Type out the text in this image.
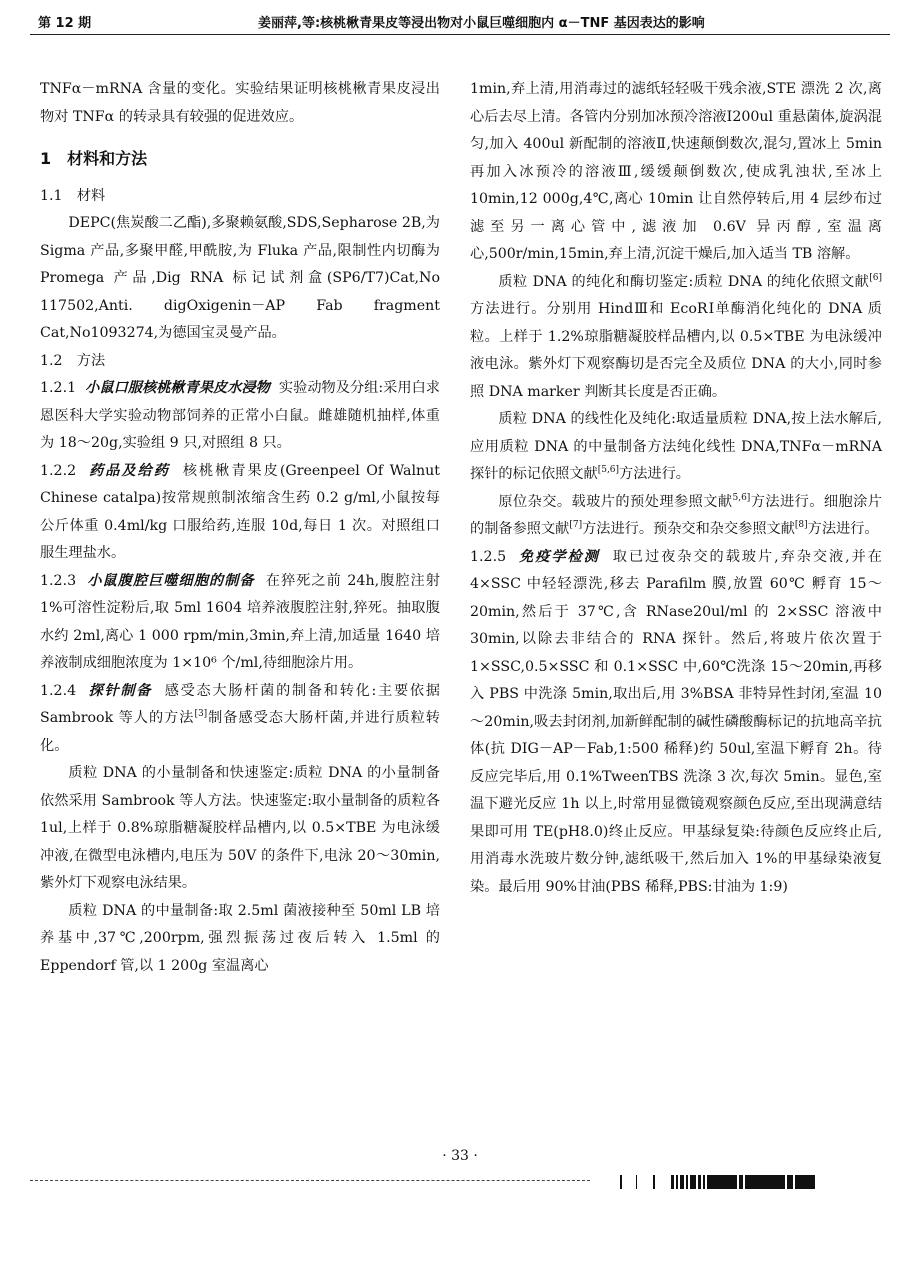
第 12 期	姜丽萍,等:核桃楸青果皮等浸出物对小鼠巨噬细胞内 α－TNF 基因表达的影响

TNFα－mRNA 含量的变化。实验结果证明核桃楸青果皮浸出物对 TNFα 的转录具有较强的促进效应。

1　材料和方法

1.1　材料

DEPC(焦炭酸二乙酯),多聚赖氨酸,SDS,Sepharose 2B,为 Sigma 产品,多聚甲醛,甲酰胺,为 Fluka 产品,限制性内切酶为 Promega 产品,Dig RNA 标记试剂盒(SP6/T7)Cat,No 117502,Anti. digOxigenin－AP Fab fragment Cat,No1093274,为德国宝灵曼产品。

1.2　方法

1.2.1 小鼠口服核桃楸青果皮水浸物 实验动物及分组:采用白求恩医科大学实验动物部饲养的正常小白鼠。雌雄随机抽样,体重为 18～20g,实验组 9 只,对照组 8 只。

1.2.2 药品及给药 核桃楸青果皮(Greenpeel Of Walnut Chinese catalpa)按常规煎制浓缩含生药 0.2 g/ml,小鼠按每公斤体重 0.4ml/kg 口服给药,连服 10d,每日 1 次。对照组口服生理盐水。

1.2.3 小鼠腹腔巨噬细胞的制备 在猝死之前 24h,腹腔注射 1%可溶性淀粉后,取 5ml 1604 培养液腹腔注射,猝死。抽取腹水约 2ml,离心 1 000 rpm/min,3min,弃上清,加适量 1640 培养液制成细胞浓度为 1×10⁶ 个/ml,待细胞涂片用。

1.2.4 探针制备 感受态大肠杆菌的制备和转化:主要依据 Sambrook 等人的方法[3]制备感受态大肠杆菌,并进行质粒转化。

质粒 DNA 的小量制备和快速鉴定:质粒 DNA 的小量制备依然采用 Sambrook 等人方法。快速鉴定:取小量制备的质粒各 1ul,上样于 0.8%琼脂糖凝胶样品槽内,以 0.5×TBE 为电泳缓冲液,在微型电泳槽内,电压为 50V 的条件下,电泳 20～30min,紫外灯下观察电泳结果。

质粒 DNA 的中量制备:取 2.5ml 菌液接种至 50ml LB 培养基中,37℃,200rpm,强烈振荡过夜后转入 1.5ml 的 Eppendorf 管,以 1 200g 室温离心

1min,弃上清,用消毒过的滤纸轻轻吸干残余液,STE 漂洗 2 次,离心后去尽上清。各管内分别加冰预冷溶液Ⅰ200ul 重悬菌体,旋涡混匀,加入 400ul 新配制的溶液Ⅱ,快速颠倒数次,混匀,置冰上 5min 再加入冰预冷的溶液Ⅲ,缓缓颠倒数次,使成乳浊状,至冰上 10min,12 000g,4℃,离心 10min 让自然停转后,用 4 层纱布过滤至另一离心管中,滤液加 0.6V 异丙醇,室温离心,500r/min,15min,弃上清,沉淀干燥后,加入适当 TB 溶解。

质粒 DNA 的纯化和酶切鉴定:质粒 DNA 的纯化依照文献[6]方法进行。分别用 HindⅢ和 EcoRⅠ单酶消化纯化的 DNA 质粒。上样于 1.2%琼脂糖凝胶样品槽内,以 0.5×TBE 为电泳缓冲液电泳。紫外灯下观察酶切是否完全及质位 DNA 的大小,同时参照 DNA marker 判断其长度是否正确。

质粒 DNA 的线性化及纯化:取适量质粒 DNA,按上法水解后,应用质粒 DNA 的中量制备方法纯化线性 DNA,TNFα－mRNA 探针的标记依照文献[5,6]方法进行。

原位杂交。载玻片的预处理参照文献$^{5,6]}$方法进行。细胞涂片的制备参照文献[7]方法进行。预杂交和杂交参照文献[8]方法进行。

1.2.5 免疫学检测 取已过夜杂交的载玻片,弃杂交液,并在 4×SSC 中轻轻漂洗,移去 Parafilm 膜,放置 60℃ 孵育 15～20min,然后于 37℃,含 RNase20ul/ml 的 2×SSC 溶液中 30min,以除去非结合的 RNA 探针。然后,将玻片依次置于 1×SSC,0.5×SSC 和 0.1×SSC 中,60℃洗涤 15～20min,再移入 PBS 中洗涤 5min,取出后,用 3%BSA 非特异性封闭,室温 10～20min,吸去封闭剂,加新鲜配制的碱性磷酸酶标记的抗地高辛抗体(抗 DIG－AP－Fab,1:500 稀释)约 50ul,室温下孵育 2h。待反应完毕后,用 0.1%TweenTBS 洗涤 3 次,每次 5min。显色,室温下避光反应 1h 以上,时常用显微镜观察颜色反应,至出现满意结果即可用 TE(pH8.0)终止反应。甲基绿复染:待颜色反应终止后,用消毒水洗玻片数分钟,滤纸吸干,然后加入 1%的甲基绿染液复染。最后用 90%甘油(PBS 稀释,PBS:甘油为 1:9)

· 33 ·
